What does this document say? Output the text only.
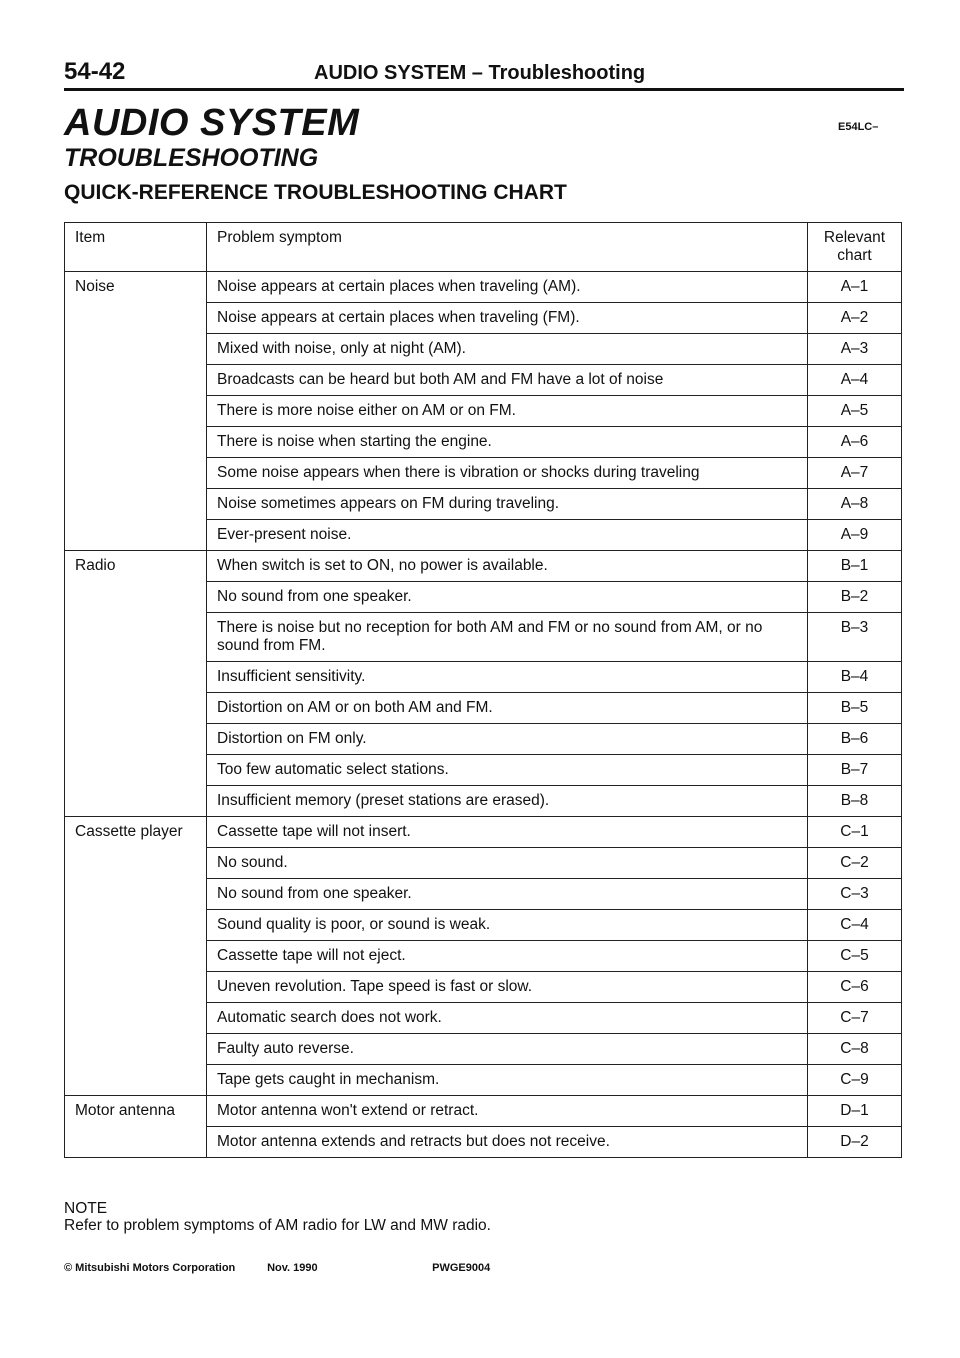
54-42	AUDIO SYSTEM – Troubleshooting
AUDIO SYSTEM	E54LC–
TROUBLESHOOTING
QUICK-REFERENCE TROUBLESHOOTING CHART
Item	Problem symptom	Relevant chart
Noise	Noise appears at certain places when traveling (AM).	A–1
	Noise appears at certain places when traveling (FM).	A–2
	Mixed with noise, only at night (AM).	A–3
	Broadcasts can be heard but both AM and FM have a lot of noise	A–4
	There is more noise either on AM or on FM.	A–5
	There is noise when starting the engine.	A–6
	Some noise appears when there is vibration or shocks during traveling	A–7
	Noise sometimes appears on FM during traveling.	A–8
	Ever-present noise.	A–9
Radio	When switch is set to ON, no power is available.	B–1
	No sound from one speaker.	B–2
	There is noise but no reception for both AM and FM or no sound from AM, or no sound from FM.	B–3
	Insufficient sensitivity.	B–4
	Distortion on AM or on both AM and FM.	B–5
	Distortion on FM only.	B–6
	Too few automatic select stations.	B–7
	Insufficient memory (preset stations are erased).	B–8
Cassette player	Cassette tape will not insert.	C–1
	No sound.	C–2
	No sound from one speaker.	C–3
	Sound quality is poor, or sound is weak.	C–4
	Cassette tape will not eject.	C–5
	Uneven revolution. Tape speed is fast or slow.	C–6
	Automatic search does not work.	C–7
	Faulty auto reverse.	C–8
	Tape gets caught in mechanism.	C–9
Motor antenna	Motor antenna won't extend or retract.	D–1
	Motor antenna extends and retracts but does not receive.	D–2
NOTE
Refer to problem symptoms of AM radio for LW and MW radio.
© Mitsubishi Motors Corporation	Nov. 1990	PWGE9004
